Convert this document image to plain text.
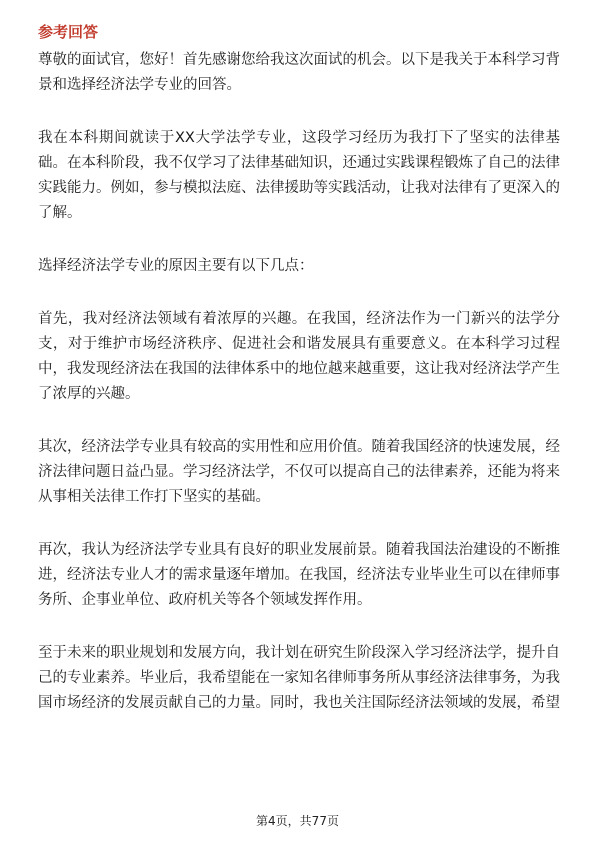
参考回答

尊敬的面试官，您好！首先感谢您给我这次面试的机会。以下是我关于本科学习背景和选择经济法学专业的回答。

我在本科期间就读于XX大学法学专业，这段学习经历为我打下了坚实的法律基础。在本科阶段，我不仅学习了法律基础知识，还通过实践课程锻炼了自己的法律实践能力。例如，参与模拟法庭、法律援助等实践活动，让我对法律有了更深入的了解。

选择经济法学专业的原因主要有以下几点：

首先，我对经济法领域有着浓厚的兴趣。在我国，经济法作为一门新兴的法学分支，对于维护市场经济秩序、促进社会和谐发展具有重要意义。在本科学习过程中，我发现经济法在我国的法律体系中的地位越来越重要，这让我对经济法学产生了浓厚的兴趣。

其次，经济法学专业具有较高的实用性和应用价值。随着我国经济的快速发展，经济法律问题日益凸显。学习经济法学，不仅可以提高自己的法律素养，还能为将来从事相关法律工作打下坚实的基础。

再次，我认为经济法学专业具有良好的职业发展前景。随着我国法治建设的不断推进，经济法专业人才的需求量逐年增加。在我国，经济法专业毕业生可以在律师事务所、企事业单位、政府机关等各个领域发挥作用。

至于未来的职业规划和发展方向，我计划在研究生阶段深入学习经济法学，提升自己的专业素养。毕业后，我希望能在一家知名律师事务所从事经济法律事务，为我国市场经济的发展贡献自己的力量。同时，我也关注国际经济法领域的发展，希望

第4页，共77页
